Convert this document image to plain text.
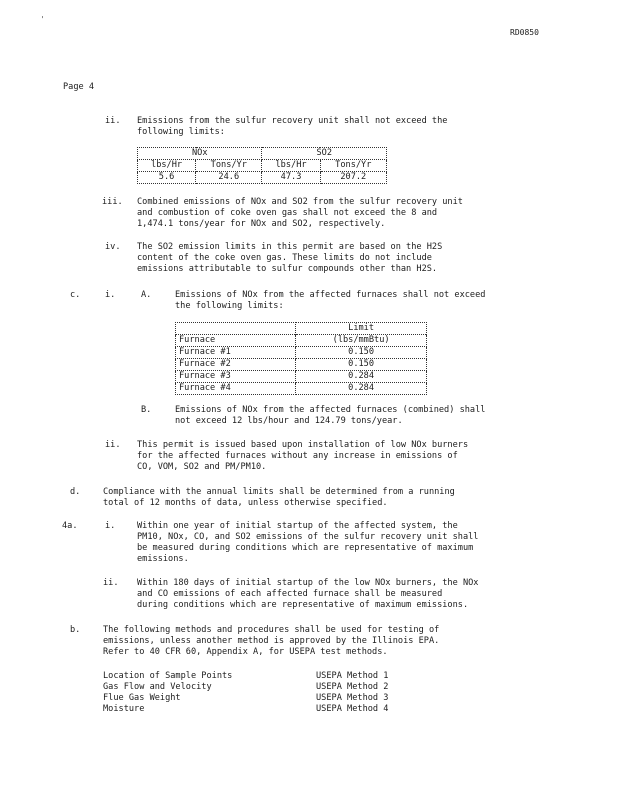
'
RD0850
Page 4
ii. Emissions from the sulfur recovery unit shall not exceed the
following limits:
NOx		SO2	
lbs/Hr	Tons/Yr	lbs/Hr	Tons/Yr
5.6	24.6	47.3	207.2
iii. Combined emissions of NOx and SO2 from the sulfur recovery unit
and combustion of coke oven gas shall not exceed the 8 and
1,474.1 tons/year for NOx and SO2, respectively.
iv. The SO2 emission limits in this permit are based on the H2S
content of the coke oven gas. These limits do not include
emissions attributable to sulfur compounds other than H2S.
c.	i.	A.	Emissions of NOx from the affected furnaces shall not exceed
the following limits:
	Limit
Furnace	(lbs/mmBtu)
Furnace #1	0.150
Furnace #2	0.150
Furnace #3	0.284
Furnace #4	0.284
B.	Emissions of NOx from the affected furnaces (combined) shall
not exceed 12 lbs/hour and 124.79 tons/year.
ii. This permit is issued based upon installation of low NOx burners
for the affected furnaces without any increase in emissions of
CO, VOM, SO2 and PM/PM10.
d.	Compliance with the annual limits shall be determined from a running
total of 12 months of data, unless otherwise specified.
4a.	i.	Within one year of initial startup of the affected system, the
PM10, NOx, CO, and SO2 emissions of the sulfur recovery unit shall
be measured during conditions which are representative of maximum
emissions.
ii. Within 180 days of initial startup of the low NOx burners, the NOx
and CO emissions of each affected furnace shall be measured
during conditions which are representative of maximum emissions.
b.	The following methods and procedures shall be used for testing of
emissions, unless another method is approved by the Illinois EPA.
Refer to 40 CFR 60, Appendix A, for USEPA test methods.
Location of Sample Points	USEPA Method 1
Gas Flow and Velocity	USEPA Method 2
Flue Gas Weight	USEPA Method 3
Moisture	USEPA Method 4
